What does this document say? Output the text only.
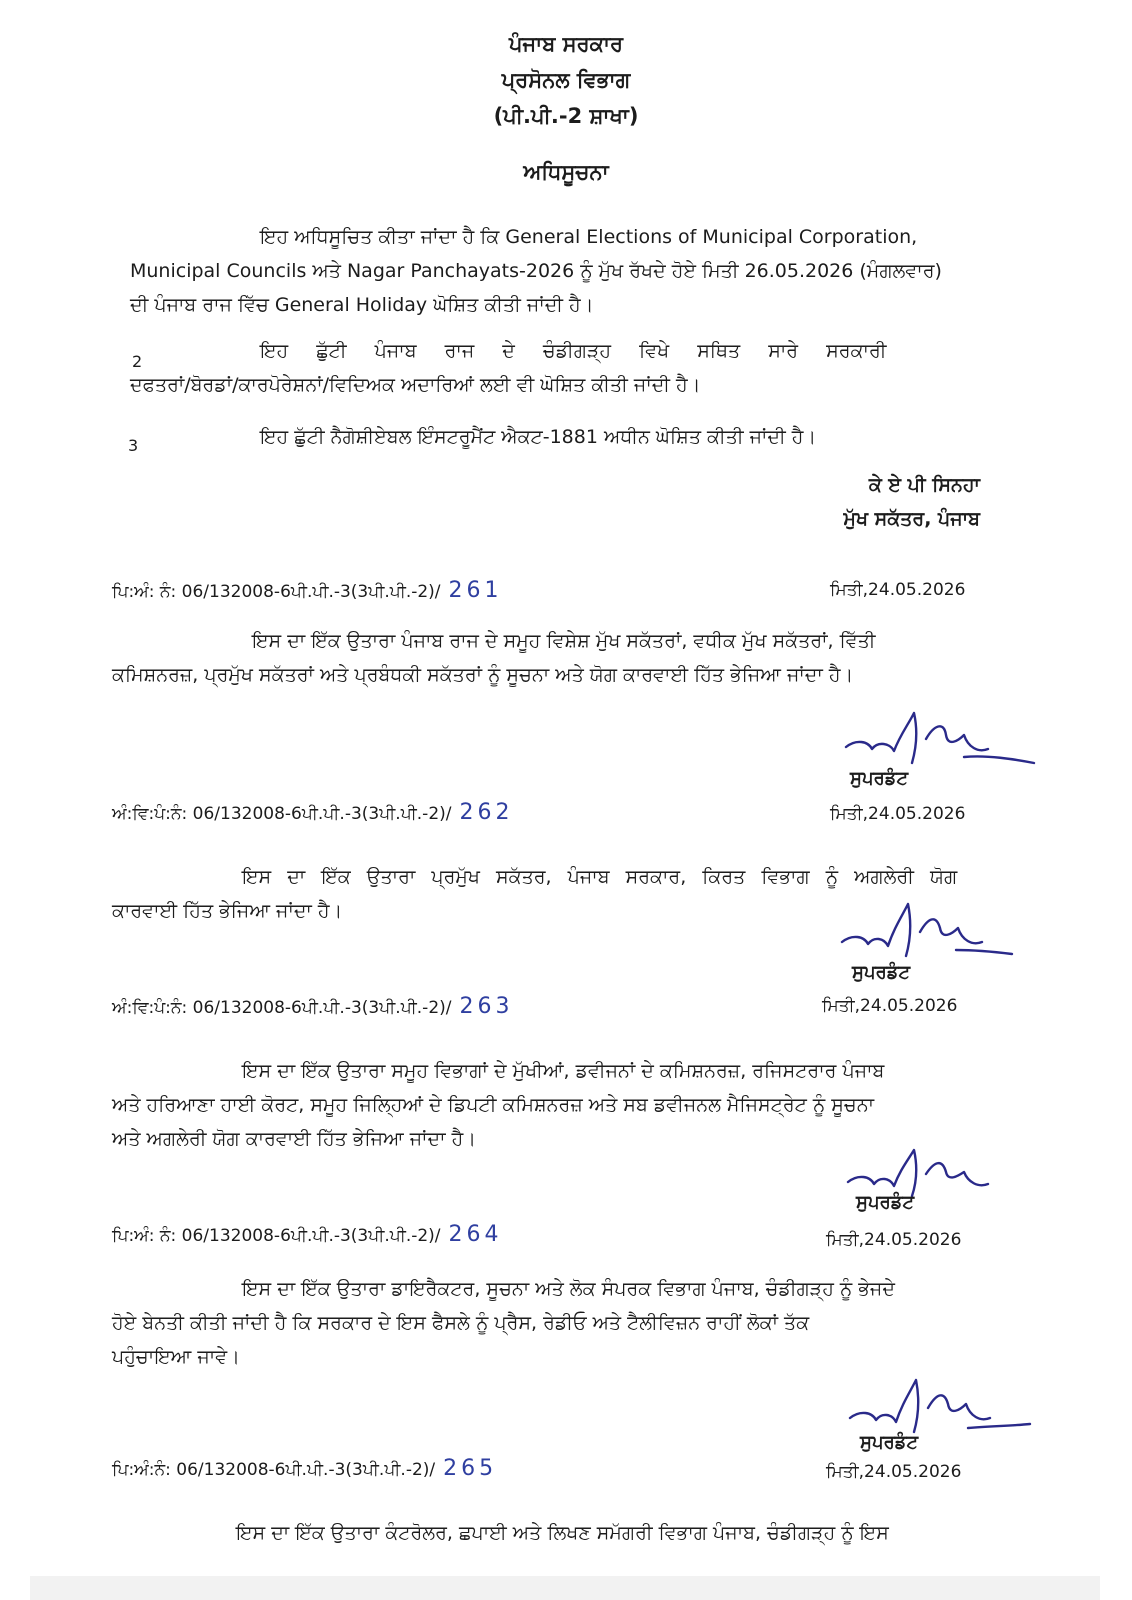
ਪੰਜਾਬ ਸਰਕਾਰ
ਪ੍ਰਸੋਨਲ ਵਿਭਾਗ
(ਪੀ.ਪੀ.-2 ਸ਼ਾਖਾ)
ਅਧਿਸੂਚਨਾ
ਇਹ ਅਧਿਸੂਚਿਤ ਕੀਤਾ ਜਾਂਦਾ ਹੈ ਕਿ General Elections of Municipal Corporation,
Municipal Councils ਅਤੇ Nagar Panchayats-2026 ਨੂੰ ਮੁੱਖ ਰੱਖਦੇ ਹੋਏ ਮਿਤੀ 26.05.2026 (ਮੰਗਲਵਾਰ)
ਦੀ ਪੰਜਾਬ ਰਾਜ ਵਿੱਚ General Holiday ਘੋਸ਼ਿਤ ਕੀਤੀ ਜਾਂਦੀ ਹੈ।
2	ਇਹ ਛੁੱਟੀ ਪੰਜਾਬ ਰਾਜ ਦੇ ਚੰਡੀਗੜ੍ਹ ਵਿਖੇ ਸਥਿਤ ਸਾਰੇ ਸਰਕਾਰੀ
ਦਫਤਰਾਂ/ਬੋਰਡਾਂ/ਕਾਰਪੋਰੇਸ਼ਨਾਂ/ਵਿਦਿਅਕ ਅਦਾਰਿਆਂ ਲਈ ਵੀ ਘੋਸ਼ਿਤ ਕੀਤੀ ਜਾਂਦੀ ਹੈ।
3	ਇਹ ਛੁੱਟੀ ਨੈਗੋਸ਼ੀਏਬਲ ਇੰਸਟਰੂਮੈਂਟ ਐਕਟ-1881 ਅਧੀਨ ਘੋਸ਼ਿਤ ਕੀਤੀ ਜਾਂਦੀ ਹੈ।
ਕੇ ਏ ਪੀ ਸਿਨਹਾ
ਮੁੱਖ ਸਕੱਤਰ, ਪੰਜਾਬ
ਪਿ:ਅੰ: ਨੰ: 06/132008-6ਪੀ.ਪੀ.-3(3ਪੀ.ਪੀ.-2)/ 261	ਮਿਤੀ,24.05.2026
ਇਸ ਦਾ ਇੱਕ ਉਤਾਰਾ ਪੰਜਾਬ ਰਾਜ ਦੇ ਸਮੂਹ ਵਿਸ਼ੇਸ਼ ਮੁੱਖ ਸਕੱਤਰਾਂ, ਵਧੀਕ ਮੁੱਖ ਸਕੱਤਰਾਂ, ਵਿੱਤੀ
ਕਮਿਸ਼ਨਰਜ਼, ਪ੍ਰਮੁੱਖ ਸਕੱਤਰਾਂ ਅਤੇ ਪ੍ਰਬੰਧਕੀ ਸਕੱਤਰਾਂ ਨੂੰ ਸੂਚਨਾ ਅਤੇ ਯੋਗ ਕਾਰਵਾਈ ਹਿੱਤ ਭੇਜਿਆ ਜਾਂਦਾ ਹੈ।
ਸੁਪਰਡੰਟ
ਅੰ:ਵਿ:ਪੰ:ਨੰ: 06/132008-6ਪੀ.ਪੀ.-3(3ਪੀ.ਪੀ.-2)/ 262	ਮਿਤੀ,24.05.2026
ਇਸ ਦਾ ਇੱਕ ਉਤਾਰਾ ਪ੍ਰਮੁੱਖ ਸਕੱਤਰ, ਪੰਜਾਬ ਸਰਕਾਰ, ਕਿਰਤ ਵਿਭਾਗ ਨੂੰ ਅਗਲੇਰੀ ਯੋਗ
ਕਾਰਵਾਈ ਹਿੱਤ ਭੇਜਿਆ ਜਾਂਦਾ ਹੈ।
ਸੁਪਰਡੰਟ
ਅੰ:ਵਿ:ਪੰ:ਨੰ: 06/132008-6ਪੀ.ਪੀ.-3(3ਪੀ.ਪੀ.-2)/ 263	ਮਿਤੀ,24.05.2026
ਇਸ ਦਾ ਇੱਕ ਉਤਾਰਾ ਸਮੂਹ ਵਿਭਾਗਾਂ ਦੇ ਮੁੱਖੀਆਂ, ਡਵੀਜਨਾਂ ਦੇ ਕਮਿਸ਼ਨਰਜ਼, ਰਜਿਸਟਰਾਰ ਪੰਜਾਬ
ਅਤੇ ਹਰਿਆਣਾ ਹਾਈ ਕੋਰਟ, ਸਮੂਹ ਜਿਲ੍ਹਿਆਂ ਦੇ ਡਿਪਟੀ ਕਮਿਸ਼ਨਰਜ਼ ਅਤੇ ਸਬ ਡਵੀਜਨਲ ਮੈਜਿਸਟ੍ਰੇਟ ਨੂੰ ਸੂਚਨਾ
ਅਤੇ ਅਗਲੇਰੀ ਯੋਗ ਕਾਰਵਾਈ ਹਿੱਤ ਭੇਜਿਆ ਜਾਂਦਾ ਹੈ।
ਸੁਪਰਡੰਟ
ਪਿ:ਅੰ: ਨੰ: 06/132008-6ਪੀ.ਪੀ.-3(3ਪੀ.ਪੀ.-2)/ 264	ਮਿਤੀ,24.05.2026
ਇਸ ਦਾ ਇੱਕ ਉਤਾਰਾ ਡਾਇਰੈਕਟਰ, ਸੂਚਨਾ ਅਤੇ ਲੋਕ ਸੰਪਰਕ ਵਿਭਾਗ ਪੰਜਾਬ, ਚੰਡੀਗੜ੍ਹ ਨੂੰ ਭੇਜਦੇ
ਹੋਏ ਬੇਨਤੀ ਕੀਤੀ ਜਾਂਦੀ ਹੈ ਕਿ ਸਰਕਾਰ ਦੇ ਇਸ ਫੈਸਲੇ ਨੂੰ ਪ੍ਰੈਸ, ਰੇਡੀਓ ਅਤੇ ਟੈਲੀਵਿਜ਼ਨ ਰਾਹੀਂ ਲੋਕਾਂ ਤੱਕ
ਪਹੁੰਚਾਇਆ ਜਾਵੇ।
ਸੁਪਰਡੰਟ
ਪਿ:ਅੰ:ਨੰ: 06/132008-6ਪੀ.ਪੀ.-3(3ਪੀ.ਪੀ.-2)/ 265	ਮਿਤੀ,24.05.2026
ਇਸ ਦਾ ਇੱਕ ਉਤਾਰਾ ਕੰਟਰੋਲਰ, ਛਪਾਈ ਅਤੇ ਲਿਖਣ ਸਮੱਗਰੀ ਵਿਭਾਗ ਪੰਜਾਬ, ਚੰਡੀਗੜ੍ਹ ਨੂੰ ਇਸ
